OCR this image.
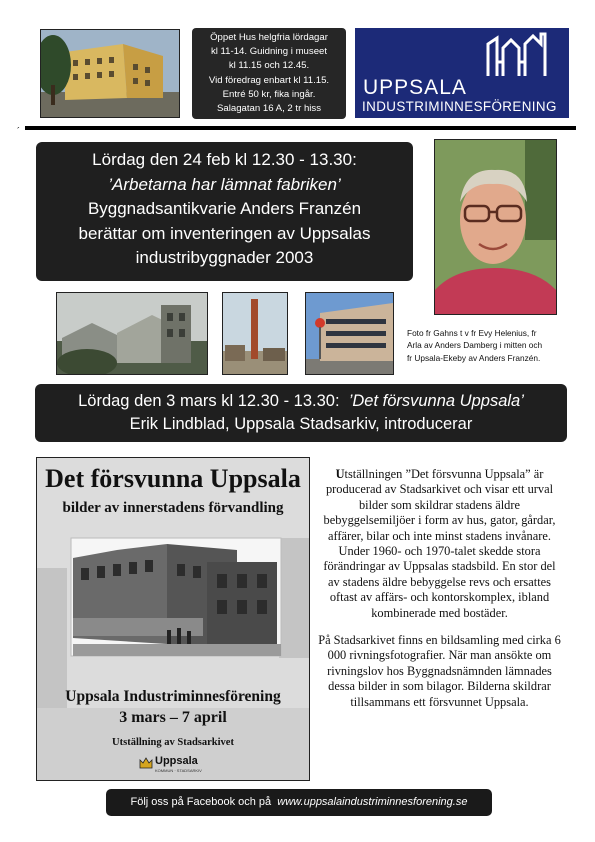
Öppet Hus helgfria lördagar
kl 11-14. Guidning i museet
kl 11.15 och 12.45.
Vid föredrag enbart kl 11.15.
Entré 50 kr, fika ingår.
Salagatan 16 A, 2 tr hiss
UPPSALA
INDUSTRIMINNESFÖRENING
´
Lördag den 24 feb kl 12.30 - 13.30:
’Arbetarna har lämnat fabriken’
Byggnadsantikvarie Anders Franzén
berättar om inventeringen av Uppsalas
industribyggnader 2003
Foto fr Gahns t v fr Evy Helenius, fr
Arla av Anders Damberg i mitten och
fr Upsala-Ekeby av Anders Franzén.
Lördag den 3 mars kl 12.30 - 13.30: ’Det försvunna Uppsala’
Erik Lindblad, Uppsala Stadsarkiv, introducerar
Det försvunna Uppsala
bilder av innerstadens förvandling
Uppsala Industriminnesförening
3 mars – 7 april
Utställning av Stadsarkivet
Uppsala
KOMMUN · STADSARKIV

Utställningen ”Det försvunna Uppsala” är producerad av Stadsarkivet och visar ett urval bilder som skildrar stadens äldre bebyggelsemiljöer i form av hus, gator, gårdar, affärer, bilar och inte minst stadens invånare. Under 1960- och 1970-talet skedde stora förändringar av Uppsalas stadsbild. En stor del av stadens äldre bebyggelse revs och ersattes oftast av affärs- och kontorskomplex, ibland kombinerade med bostäder.

På Stadsarkivet finns en bildsamling med cirka 6 000 rivningsfotografier. När man ansökte om rivningslov hos Byggnadsnämnden lämnades dessa bilder in som bilagor. Bilderna skildrar tillsammans ett försvunnet Uppsala.

Följ oss på Facebook och på www.uppsalaindustriminnesforening.se
